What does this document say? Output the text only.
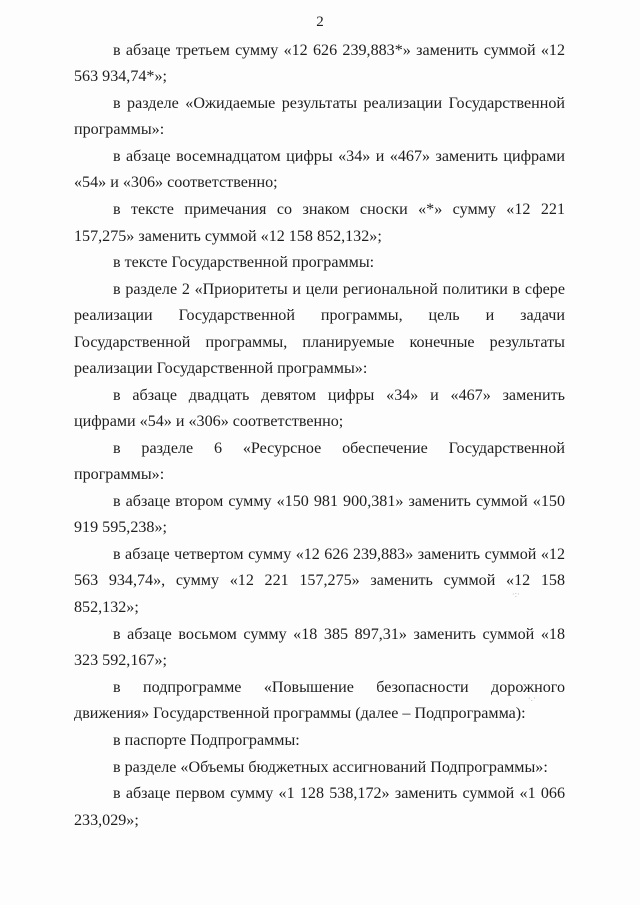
2

в абзаце третьем сумму «12 626 239,883*» заменить суммой «12 563 934,74*»;

в разделе «Ожидаемые результаты реализации Государственной программы»:

в абзаце восемнадцатом цифры «34» и «467» заменить цифрами «54» и «306» соответственно;

в тексте примечания со знаком сноски «*» сумму «12 221 157,275» заменить суммой «12 158 852,132»;

в тексте Государственной программы:

в разделе 2 «Приоритеты и цели региональной политики в сфере реализации Государственной программы, цель и задачи Государственной программы, планируемые конечные результаты реализации Государственной программы»:

в абзаце двадцать девятом цифры «34» и «467» заменить цифрами «54» и «306» соответственно;

в разделе 6 «Ресурсное обеспечение Государственной программы»:

в абзаце втором сумму «150 981 900,381» заменить суммой «150 919 595,238»;

в абзаце четвертом сумму «12 626 239,883» заменить суммой «12 563 934,74», сумму «12 221 157,275» заменить суммой «12 158 852,132»;

в абзаце восьмом сумму «18 385 897,31» заменить суммой «18 323 592,167»;

в подпрограмме «Повышение безопасности дорожного движения» Государственной программы (далее – Подпрограмма):

в паспорте Подпрограммы:

в разделе «Объемы бюджетных ассигнований Подпрограммы»:

в абзаце первом сумму «1 128 538,172» заменить суммой «1 066 233,029»;

·:·
·.·
